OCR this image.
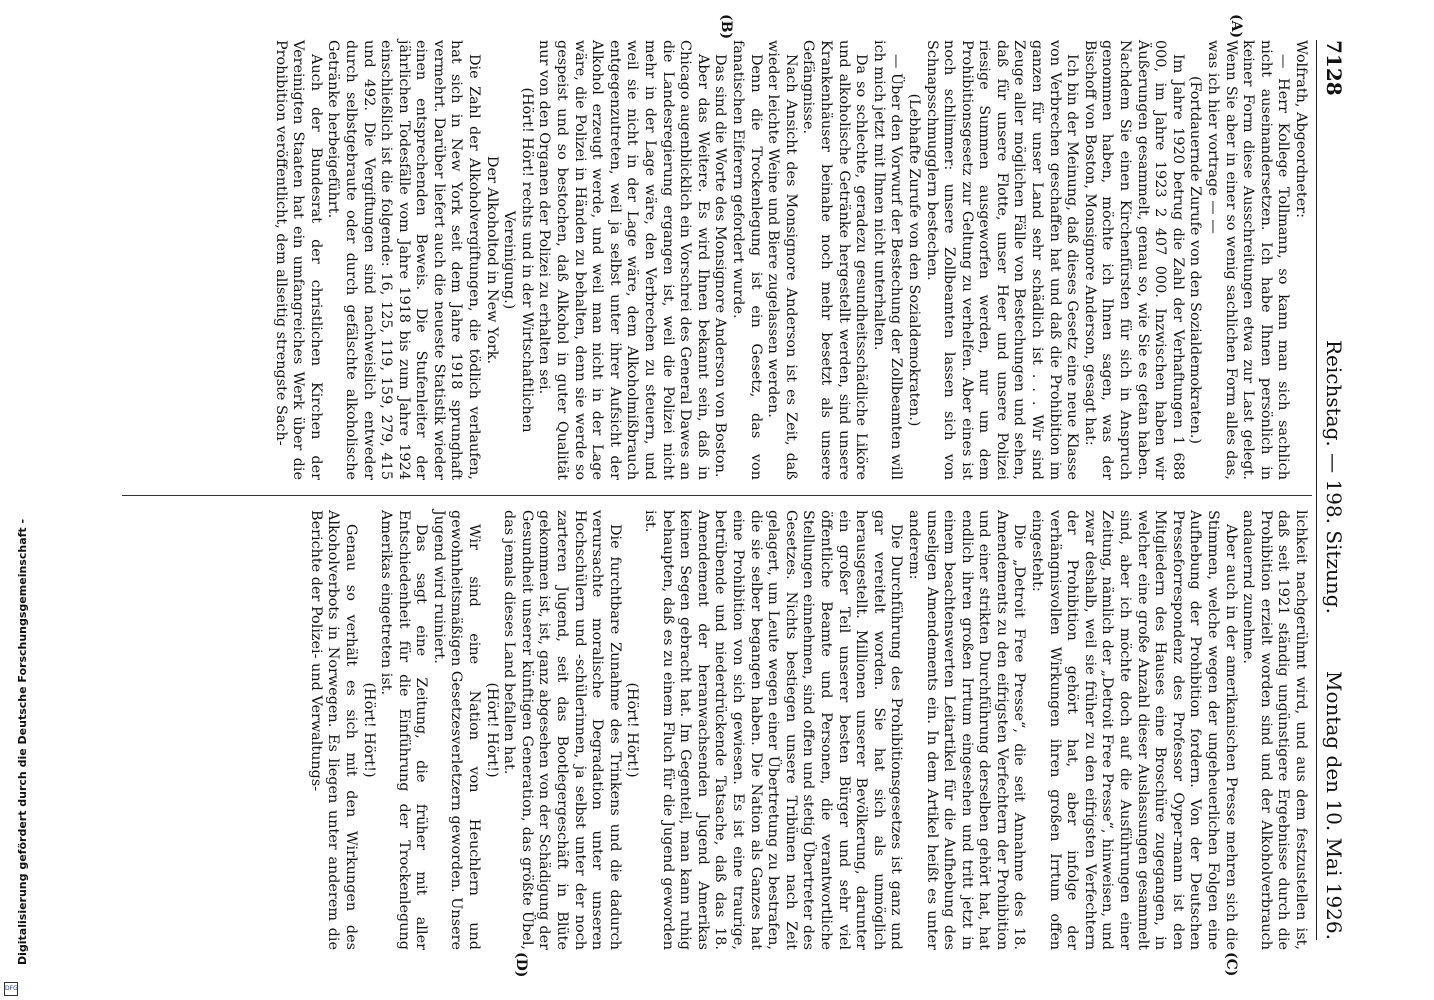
7128
Reichstag. — 198. Sitzung.
Montag den 10. Mai 1926.
(A)
(B)
(C)
(D)

Wolfrath, Abgeordneter:

— Herr Kollege Tollmann, so kann man sich sachlich nicht auseinandersetzen. Ich habe Ihnen persönlich in keiner Form diese Ausschreitungen etwa zur Last gelegt. Wenn Sie aber in einer so wenig sachlichen Form alles das, was ich hier vortrage — —

(Fortdauernde Zurufe von den Sozialdemokraten.)

Im Jahre 1920 betrug die Zahl der Verhaftungen 1 688 000, im Jahre 1923 2 407 000. Inzwischen haben wir Äußerungen gesammelt, genau so, wie Sie es getan haben. Nachdem Sie einen Kirchenfürsten für sich in Anspruch genommen haben, möchte ich Ihnen sagen, was der Bischoff von Boston, Monsignore Anderson, gesagt hat:

Ich bin der Meinung, daß dieses Gesetz eine neue Klasse von Verbrechen geschaffen hat und daß die Prohibition im ganzen für unser Land sehr schädlich ist . . . Wir sind Zeuge aller möglichen Fälle von Bestechungen und sehen, daß für unsere Flotte, unser Heer und unsere Polizei riesige Summen ausgeworfen werden, nur um dem Prohibitionsgesetz zur Geltung zu verhelfen. Aber eines ist noch schlimmer: unsere Zollbeamten lassen sich von Schnapsschmugglern bestechen.

(Lebhafte Zurufe von den Sozialdemokraten.)

— Über den Vorwurf der Bestechung der Zollbeamten will ich mich jetzt mit Ihnen nicht unterhalten.

Da so schlechte, geradezu gesundheitsschädliche Liköre und alkoholische Getränke hergestellt werden, sind unsere Krankenhäuser beinahe noch mehr besetzt als unsere Gefängnisse.

Nach Ansicht des Monsignore Anderson ist es Zeit, daß wieder leichte Weine und Biere zugelassen werden.

Denn die Trockenlegung ist ein Gesetz, das von fanatischen Eiferern gefordert wurde.

Das sind die Worte des Monsignore Anderson von Boston.

Aber das Weitere. Es wird Ihnen bekannt sein, daß in Chicago augenblicklich ein Vorschrei des General Dawes an die Landesregierung ergangen ist, weil die Polizei nicht mehr in der Lage wäre, den Verbrechen zu steuern, und weil sie nicht in der Lage wäre, dem Alkoholmißbrauch entgegenzutreten, weil ja selbst unter ihrer Aufsicht der Alkohol erzeugt werde, und weil man nicht in der Lage wäre, die Polizei in Händen zu behalten, denn sie werde so gespeist und so bestochen, daß Alkohol in guter Qualität nur von den Organen der Polizei zu erhalten sei.

(Hört! Hört! rechts und in der Wirtschaftlichen Vereinigung.)

Der Alkoholtod in New York.

Die Zahl der Alkoholvergiftungen, die tödlich verlaufen, hat sich in New York seit dem Jahre 1918 sprunghaft vermehrt. Darüber liefert auch die neueste Statistik wieder einen entsprechenden Beweis. Die Stufenleiter der jährlichen Todesfälle vom Jahre 1918 bis zum Jahre 1924 einschließlich ist die folgende: 16, 125, 119, 159, 279, 415 und 492. Die Vergiftungen sind nachweislich entweder durch selbstgebraute oder durch gefälschte alkoholische Getränke herbeigeführt.

Auch der Bundesrat der christlichen Kirchen der Vereinigten Staaten hat ein umfangreiches Werk über die Prohibition veröffentlicht, dem allseitig strengste Sach-

lichkeit nachgerühmt wird, und aus dem festzustellen ist, daß seit 1921 ständig ungünstigere Ergebnisse durch die Prohibition erzielt worden sind und der Alkoholverbrauch andauernd zunehme.

Aber auch in der amerikanischen Presse mehren sich die Stimmen, welche wegen der ungeheuerlichen Folgen eine Aufhebung der Prohibition fordern. Von der Deutschen Presseforrespondenz des Professor Oyper-mann ist den Mitgliedern des Hauses eine Broschüre zugegangen, in welcher eine große Anzahl dieser Auslassungen gesammelt sind, aber ich möchte doch auf die Ausführungen einer Zeitung, nämlich der „Detroit Free Presse“, hinweisen, und zwar deshalb, weil sie früher zu den eifrigsten Verfechtern der Prohibition gehört hat, aber infolge der verhängnisvollen Wirkungen ihren großen Irrtum offen eingesteht:

Die „Detroit Free Presse“, die seit Annahme des 18. Amendements zu den eifrigsten Verfechtern der Prohibition und einer strikten Durchführung derselben gehört hat, hat endlich ihren großen Irrtum eingesehen und tritt jetzt in einem beachtenswerten Leitartikel für die Aufhebung des unseligen Amendements ein. In dem Artikel heißt es unter anderem:

Die Durchführung des Prohibitionsgesetzes ist ganz und gar vereitelt worden. Sie hat sich als unmöglich herausgestellt. Millionen unserer Bevölkerung, darunter ein großer Teil unserer besten Bürger und sehr viel öffentliche Beamte und Personen, die verantwortliche Stellungen einnehmen, sind offen und stetig Übertreter des Gesetzes. Nichts bestiegen unsere Tribünen nach Zeit gelagert, um Leute wegen einer Übertretung zu bestrafen, die sie selber begangen haben. Die Nation als Ganzes hat eine Prohibition von sich gewiesen. Es ist eine traurige, betrübende und niederdrückende Tatsache, daß das 18. Amendement der heranwachsenden Jugend Amerikas keinen Segen gebracht hat. Im Gegenteil, man kann ruhig behaupten, daß es zu einem Fluch für die Jugend geworden ist.

(Hört! Hört!)

Die furchtbare Zunahme des Trinkens und die dadurch verursachte moralische Degradation unter unseren Hochschülern und -schülerinnen, ja selbst unter der noch zarteren Jugend, seit das Bootlegergeschäft in Blüte gekommen ist, ist, ganz abgesehen von der Schädigung der Gesundheit unserer künftigen Generation, das größte Übel, das jemals dieses Land befallen hat.

(Hört! Hört!)

Wir sind eine Nation von Heuchlern und gewohnheitsmäßigen Gesetzesverletzern geworden. Unsere Jugend wird ruiniert.

Das sagt eine Zeitung, die früher mit aller Entschiedenheit für die Einführung der Trockenlegung Amerikas eingetreten ist.

(Hört! Hört!)

Genau so verhält es sich mit den Wirkungen des Alkoholverbots in Norwegen. Es liegen unter anderem die Berichte der Polizei- und Verwaltungs-

Digitalisierung gefördert durch die Deutsche Forschungsgemeinschaft -
DFG
